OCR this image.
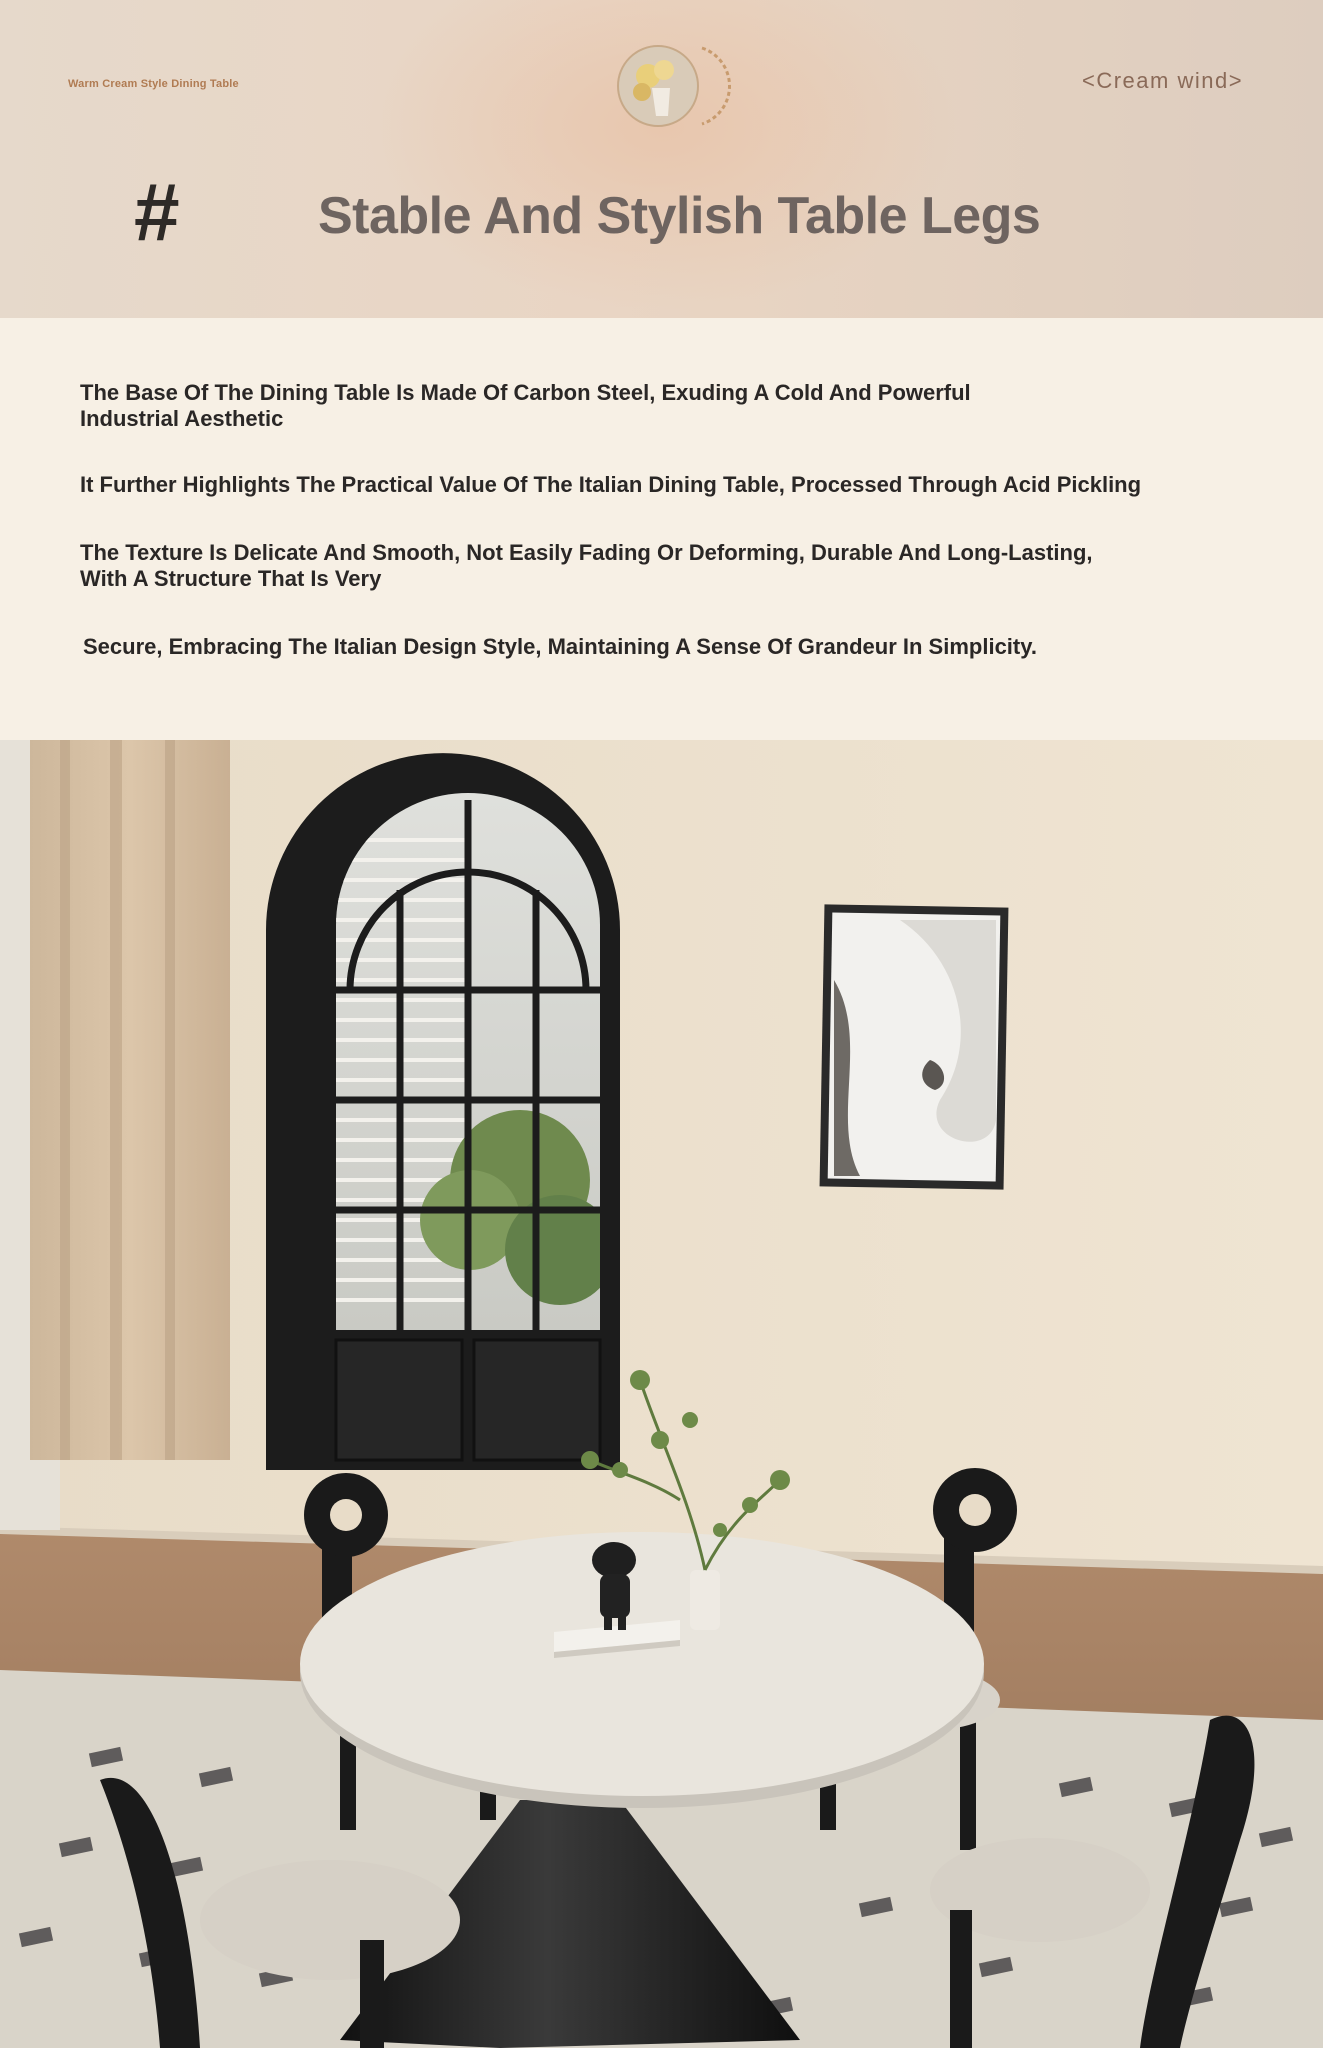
Warm Cream Style Dining Table	<Cream wind>
#	Stable And Stylish Table Legs

The Base Of The Dining Table Is Made Of Carbon Steel, Exuding A Cold And Powerful
Industrial Aesthetic

It Further Highlights The Practical Value Of The Italian Dining Table, Processed Through Acid Pickling

The Texture Is Delicate And Smooth, Not Easily Fading Or Deforming, Durable And Long-Lasting,
With A Structure That Is Very

Secure, Embracing The Italian Design Style, Maintaining A Sense Of Grandeur In Simplicity.
